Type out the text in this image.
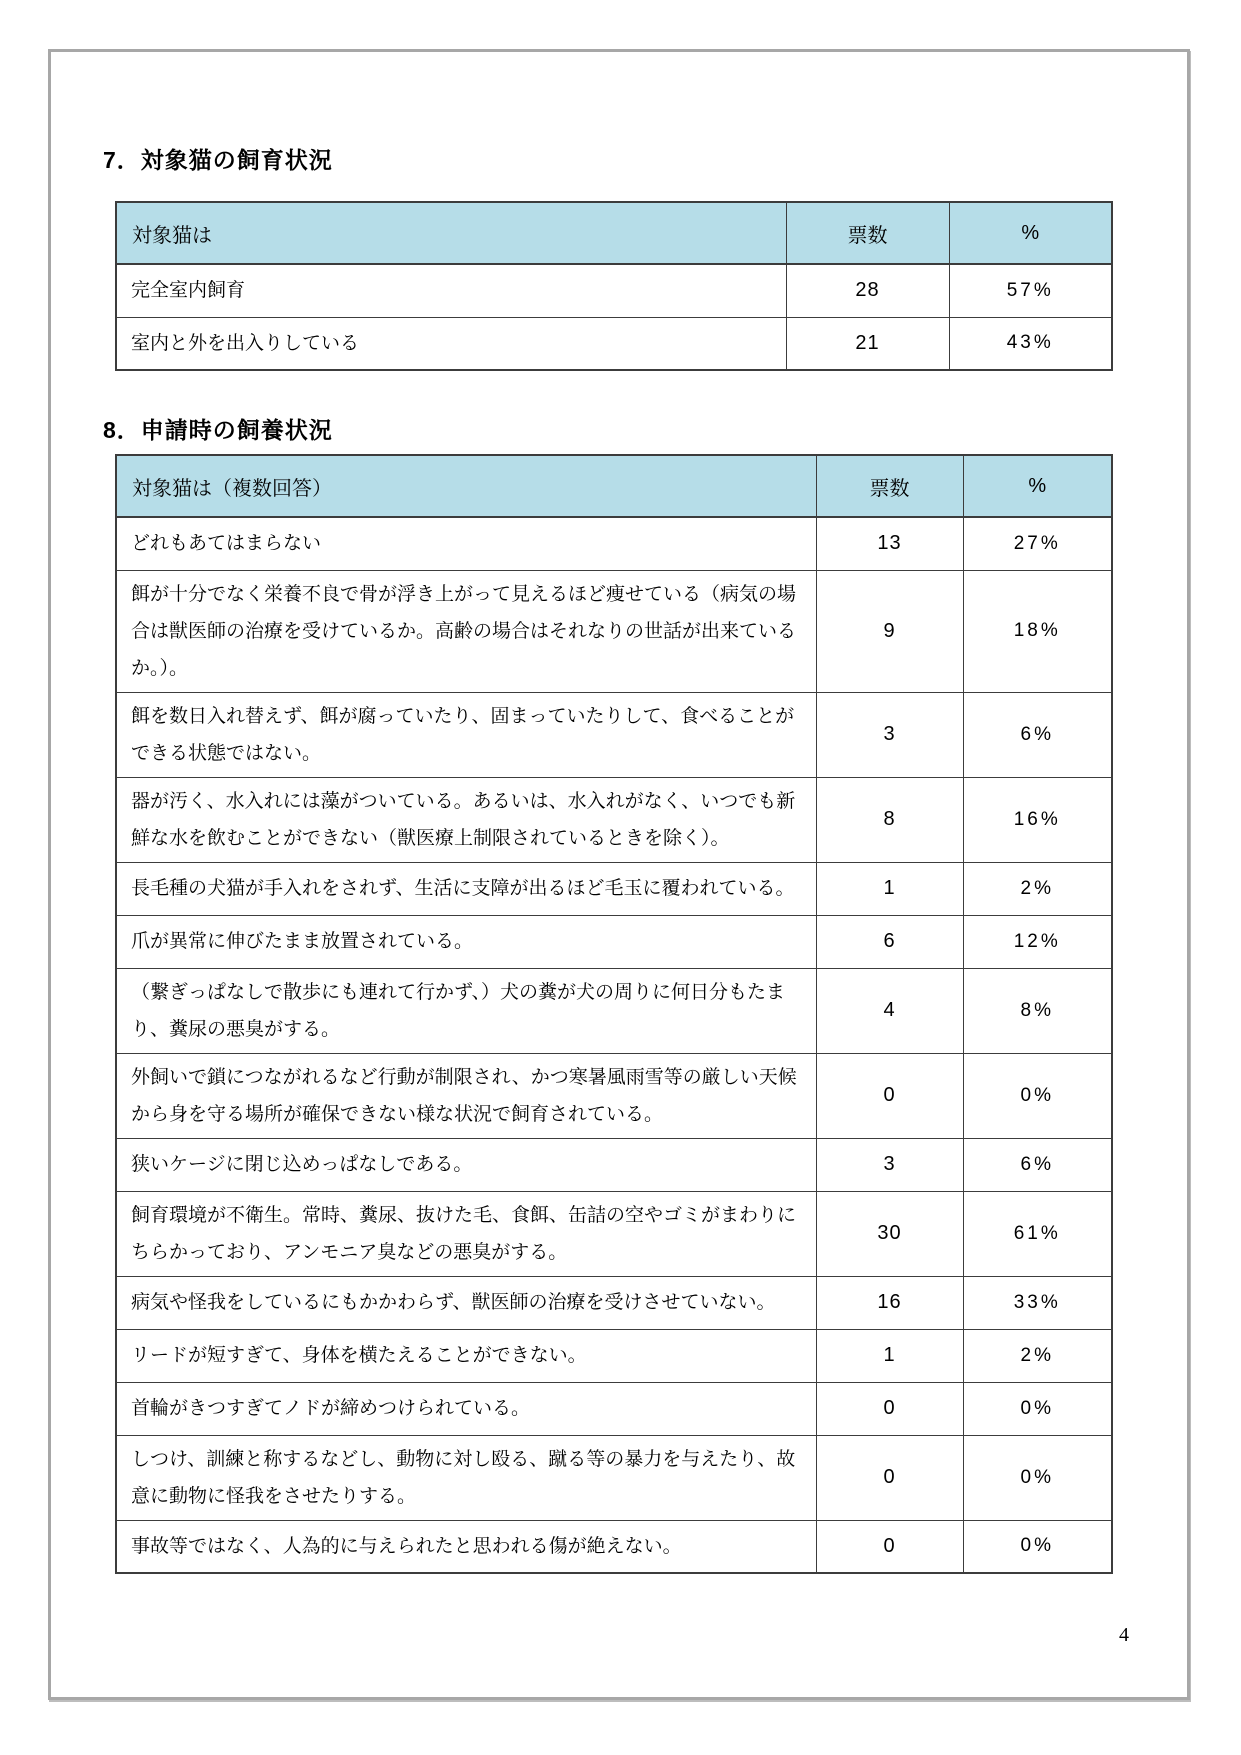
7．対象猫の飼育状況
対象猫は	票数	%
完全室内飼育	28	57%
室内と外を出入りしている	21	43%
8．申請時の飼養状況
対象猫は（複数回答）	票数	%
どれもあてはまらない	13	27%
餌が十分でなく栄養不良で骨が浮き上がって見えるほど痩せている（病気の場合は獣医師の治療を受けているか。高齢の場合はそれなりの世話が出来ているか。）。	9	18%
餌を数日入れ替えず、餌が腐っていたり、固まっていたりして、食べることができる状態ではない。	3	6%
器が汚く、水入れには藻がついている。あるいは、水入れがなく、いつでも新鮮な水を飲むことができない（獣医療上制限されているときを除く）。	8	16%
長毛種の犬猫が手入れをされず、生活に支障が出るほど毛玉に覆われている。	1	2%
爪が異常に伸びたまま放置されている。	6	12%
（繋ぎっぱなしで散歩にも連れて行かず、）犬の糞が犬の周りに何日分もたまり、糞尿の悪臭がする。	4	8%
外飼いで鎖につながれるなど行動が制限され、かつ寒暑風雨雪等の厳しい天候から身を守る場所が確保できない様な状況で飼育されている。	0	0%
狭いケージに閉じ込めっぱなしである。	3	6%
飼育環境が不衛生。常時、糞尿、抜けた毛、食餌、缶詰の空やゴミがまわりにちらかっており、アンモニア臭などの悪臭がする。	30	61%
病気や怪我をしているにもかかわらず、獣医師の治療を受けさせていない。	16	33%
リードが短すぎて、身体を横たえることができない。	1	2%
首輪がきつすぎてノドが締めつけられている。	0	0%
しつけ、訓練と称するなどし、動物に対し殴る、蹴る等の暴力を与えたり、故意に動物に怪我をさせたりする。	0	0%
事故等ではなく、人為的に与えられたと思われる傷が絶えない。	0	0%
4
